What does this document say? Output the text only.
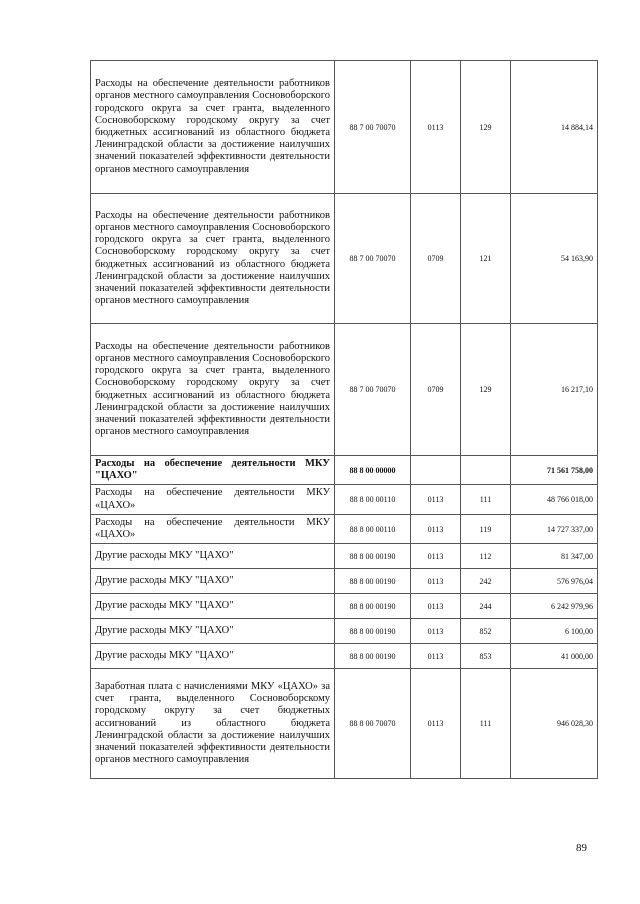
Расходы на обеспечение деятельности работников органов местного самоуправления Сосновоборского городского округа за счет гранта, выделенного Сосновоборскому городскому округу за счет бюджетных ассигнований из областного бюджета Ленинградской области за достижение наилучших значений показателей эффективности деятельности органов местного самоуправления	88 7 00 70070	0113	129	14 884,14
Расходы на обеспечение деятельности работников органов местного самоуправления Сосновоборского городского округа за счет гранта, выделенного Сосновоборскому городскому округу за счет бюджетных ассигнований из областного бюджета Ленинградской области за достижение наилучших значений показателей эффективности деятельности органов местного самоуправления	88 7 00 70070	0709	121	54 163,90
Расходы на обеспечение деятельности работников органов местного самоуправления Сосновоборского городского округа за счет гранта, выделенного Сосновоборскому городскому округу за счет бюджетных ассигнований из областного бюджета Ленинградской области за достижение наилучших значений показателей эффективности деятельности органов местного самоуправления	88 7 00 70070	0709	129	16 217,10
Расходы на обеспечение деятельности МКУ "ЦАХО"	88 8 00 00000			71 561 758,00
Расходы на обеспечение деятельности МКУ «ЦАХО»	88 8 00 00110	0113	111	48 766 018,00
Расходы на обеспечение деятельности МКУ «ЦАХО»	88 8 00 00110	0113	119	14 727 337,00
Другие расходы МКУ "ЦАХО"	88 8 00 00190	0113	112	81 347,00
Другие расходы МКУ "ЦАХО"	88 8 00 00190	0113	242	576 976,04
Другие расходы МКУ "ЦАХО"	88 8 00 00190	0113	244	6 242 979,96
Другие расходы МКУ "ЦАХО"	88 8 00 00190	0113	852	6 100,00
Другие расходы МКУ "ЦАХО"	88 8 00 00190	0113	853	41 000,00
Заработная плата с начислениями МКУ «ЦАХО» за счет гранта, выделенного Сосновоборскому городскому округу за счет бюджетных ассигнований из областного бюджета Ленинградской области за достижение наилучших значений показателей эффективности деятельности органов местного самоуправления	88 8 00 70070	0113	111	946 028,30
89
